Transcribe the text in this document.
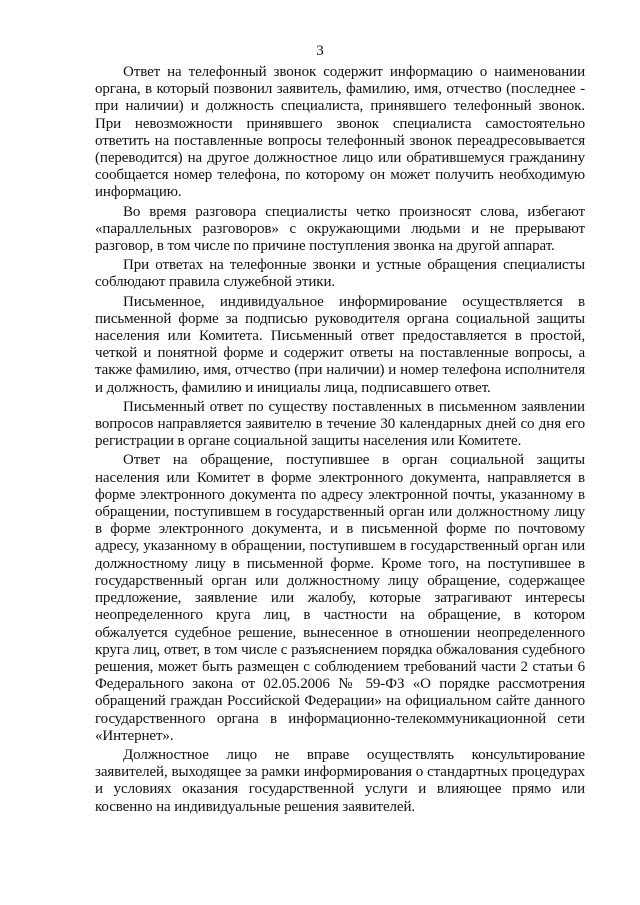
3

Ответ на телефонный звонок содержит информацию о наименовании органа, в который позвонил заявитель, фамилию, имя, отчество (последнее - при наличии) и должность специалиста, принявшего телефонный звонок. При невозможности принявшего звонок специалиста самостоятельно ответить на поставленные вопросы телефонный звонок переадресовывается (переводится) на другое должностное лицо или обратившемуся гражданину сообщается номер телефона, по которому он может получить необходимую информацию.

Во время разговора специалисты четко произносят слова, избегают «параллельных разговоров» с окружающими людьми и не прерывают разговор, в том числе по причине поступления звонка на другой аппарат.

При ответах на телефонные звонки и устные обращения специалисты соблюдают правила служебной этики.

Письменное, индивидуальное информирование осуществляется в письменной форме за подписью руководителя органа социальной защиты населения или Комитета. Письменный ответ предоставляется в простой, четкой и понятной форме и содержит ответы на поставленные вопросы, а также фамилию, имя, отчество (при наличии) и номер телефона исполнителя и должность, фамилию и инициалы лица, подписавшего ответ.

Письменный ответ по существу поставленных в письменном заявлении вопросов направляется заявителю в течение 30 календарных дней со дня его регистрации в органе социальной защиты населения или Комитете.

Ответ на обращение, поступившее в орган социальной защиты населения или Комитет в форме электронного документа, направляется в форме электронного документа по адресу электронной почты, указанному в обращении, поступившем в государственный орган или должностному лицу в форме электронного документа, и в письменной форме по почтовому адресу, указанному в обращении, поступившем в государственный орган или должностному лицу в письменной форме. Кроме того, на поступившее в государственный орган или должностному лицу обращение, содержащее предложение, заявление или жалобу, которые затрагивают интересы неопределенного круга лиц, в частности на обращение, в котором обжалуется судебное решение, вынесенное в отношении неопределенного круга лиц, ответ, в том числе с разъяснением порядка обжалования судебного решения, может быть размещен с соблюдением требований части 2 статьи 6 Федерального закона от 02.05.2006 № 59-ФЗ «О порядке рассмотрения обращений граждан Российской Федерации» на официальном сайте данного государственного органа в информационно-телекоммуникационной сети «Интернет».

Должностное лицо не вправе осуществлять консультирование заявителей, выходящее за рамки информирования о стандартных процедурах и условиях оказания государственной услуги и влияющее прямо или косвенно на индивидуальные решения заявителей.
